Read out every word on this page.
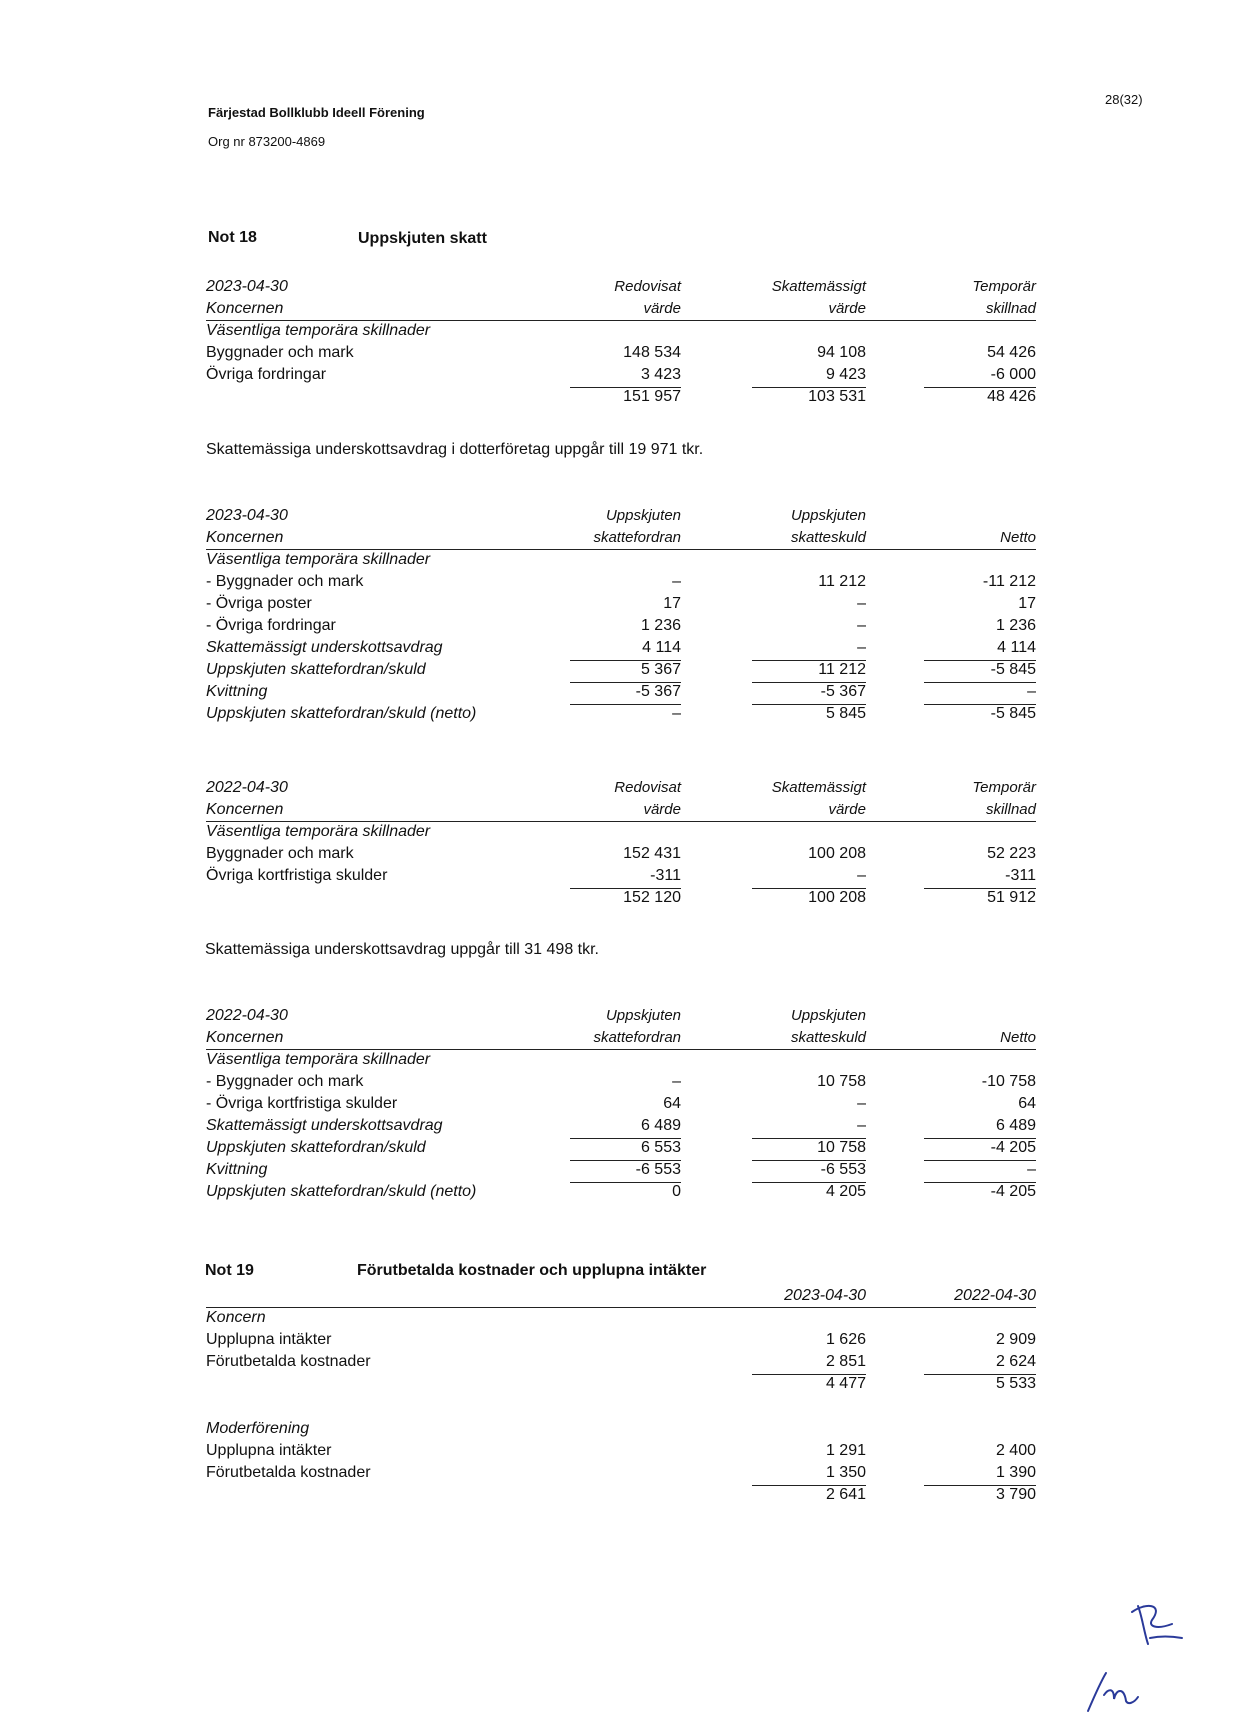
Färjestad Bollklubb Ideell Förening
Org nr 873200-4869
28(32)
Not 18	Uppskjuten skatt
2023-04-30	Redovisat	Skattemässigt	Temporär
Koncernen	värde	värde	skillnad
Väsentliga temporära skillnader
Byggnader och mark	148 534	94 108	54 426
Övriga fordringar	3 423	9 423	-6 000
151 957	103 531	48 426
Skattemässiga underskottsavdrag i dotterföretag uppgår till 19 971 tkr.
2023-04-30	Uppskjuten	Uppskjuten
Koncernen	skattefordran	skatteskuld	Netto
Väsentliga temporära skillnader
- Byggnader och mark	–	11 212	-11 212
- Övriga poster	17	–	17
- Övriga fordringar	1 236	–	1 236
Skattemässigt underskottsavdrag	4 114	–	4 114
Uppskjuten skattefordran/skuld	5 367	11 212	-5 845
Kvittning	-5 367	-5 367	–
Uppskjuten skattefordran/skuld (netto)	–	5 845	-5 845
2022-04-30	Redovisat	Skattemässigt	Temporär
Koncernen	värde	värde	skillnad
Väsentliga temporära skillnader
Byggnader och mark	152 431	100 208	52 223
Övriga kortfristiga skulder	-311	–	-311
152 120	100 208	51 912
Skattemässiga underskottsavdrag uppgår till 31 498 tkr.
2022-04-30	Uppskjuten	Uppskjuten
Koncernen	skattefordran	skatteskuld	Netto
Väsentliga temporära skillnader
- Byggnader och mark	–	10 758	-10 758
- Övriga kortfristiga skulder	64	–	64
Skattemässigt underskottsavdrag	6 489	–	6 489
Uppskjuten skattefordran/skuld	6 553	10 758	-4 205
Kvittning	-6 553	-6 553	–
Uppskjuten skattefordran/skuld (netto)	0	4 205	-4 205
Not 19	Förutbetalda kostnader och upplupna intäkter
2023-04-30	2022-04-30
Koncern
Upplupna intäkter	1 626	2 909
Förutbetalda kostnader	2 851	2 624
4 477	5 533
Moderförening
Upplupna intäkter	1 291	2 400
Förutbetalda kostnader	1 350	1 390
2 641	3 790
